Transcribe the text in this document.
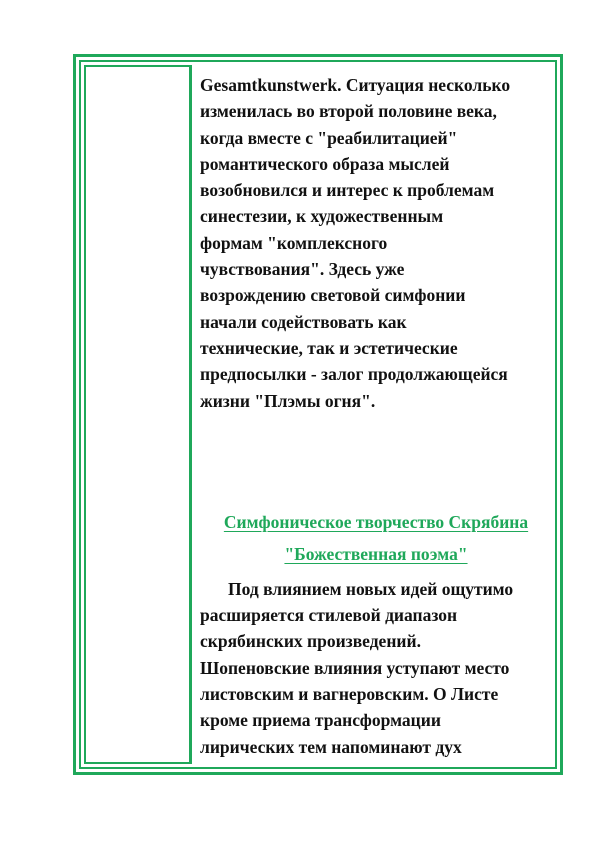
Gesamtkunstwerk. Ситуация несколько
изменилась во второй половине века,
когда вместе с "реабилитацией"
романтического образа мыслей
возобновился и интерес к проблемам
синестезии, к художественным
формам "комплексного
чувствования". Здесь уже
возрождению световой симфонии
начали содействовать как
технические, так и эстетические
предпосылки - залог продолжающейся
жизни "Плэмы огня".
Симфоническое творчество Скрябина
"Божественная поэма"
Под влиянием новых идей ощутимо
расширяется стилевой диапазон
скрябинских произведений.
Шопеновские влияния уступают место
листовским и вагнеровским. О Листе
кроме приема трансформации
лирических тем напоминают дух
